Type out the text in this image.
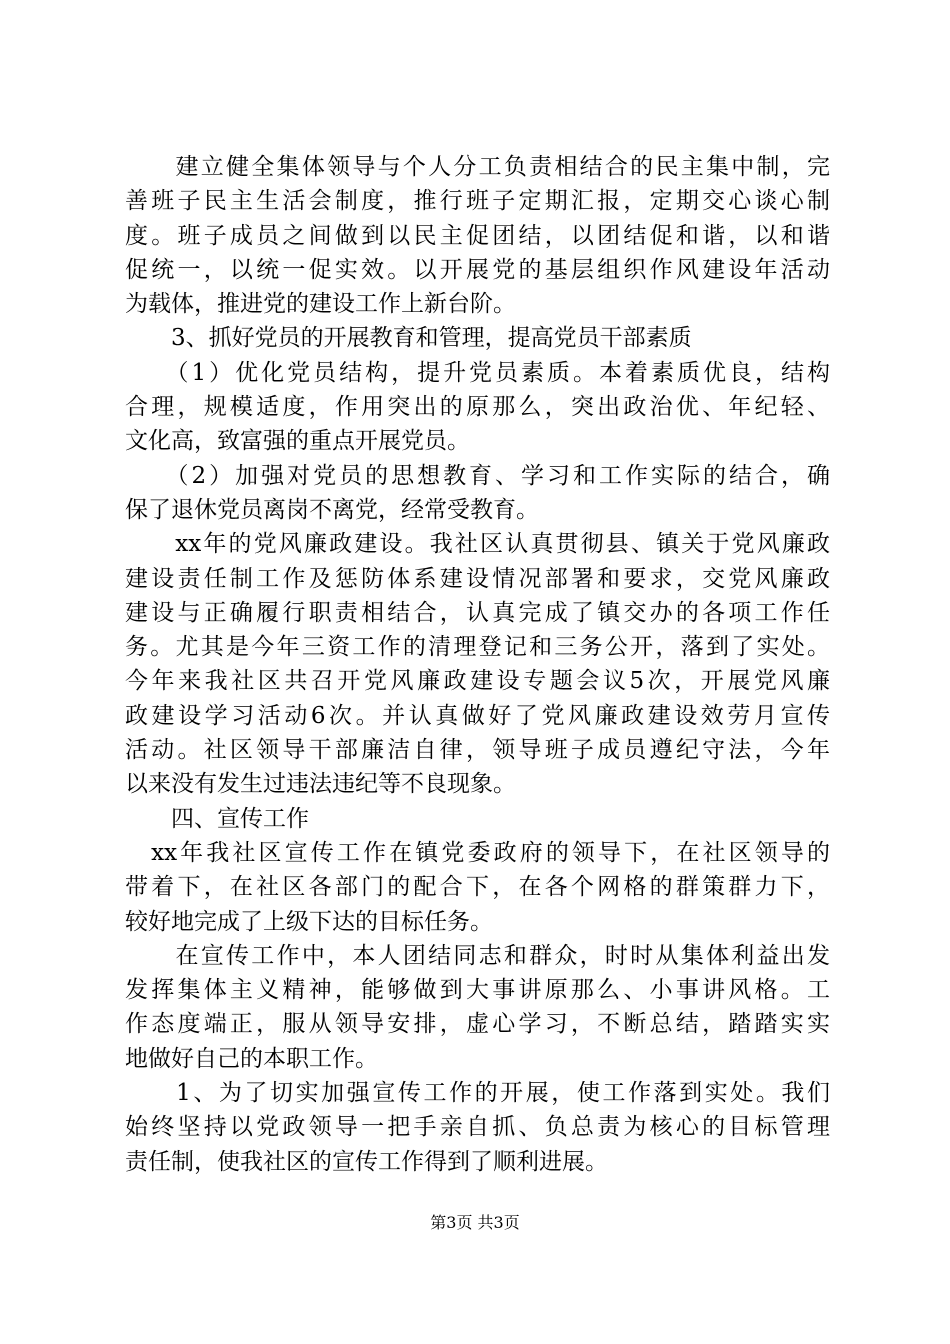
　　建立健全集体领导与个人分工负责相结合的民主集中制，完
善班子民主生活会制度，推行班子定期汇报，定期交心谈心制
度。班子成员之间做到以民主促团结，以团结促和谐，以和谐
促统一，以统一促实效。以开展党的基层组织作风建设年活动
为载体，推进党的建设工作上新台阶。
　　3、抓好党员的开展教育和管理，提高党员干部素质
　　（1）优化党员结构，提升党员素质。本着素质优良，结构
合理，规模适度，作用突出的原那么，突出政治优、年纪轻、
文化高，致富强的重点开展党员。
　　（2）加强对党员的思想教育、学习和工作实际的结合，确
保了退休党员离岗不离党，经常受教育。
　　xx年的党风廉政建设。我社区认真贯彻县、镇关于党风廉政
建设责任制工作及惩防体系建设情况部署和要求，交党风廉政
建设与正确履行职责相结合，认真完成了镇交办的各项工作任
务。尤其是今年三资工作的清理登记和三务公开，落到了实处。
今年来我社区共召开党风廉政建设专题会议5次，开展党风廉
政建设学习活动6次。并认真做好了党风廉政建设效劳月宣传
活动。社区领导干部廉洁自律，领导班子成员遵纪守法，今年
以来没有发生过违法违纪等不良现象。
　　四、宣传工作
　xx年我社区宣传工作在镇党委政府的领导下，在社区领导的
带着下，在社区各部门的配合下，在各个网格的群策群力下，
较好地完成了上级下达的目标任务。
　　在宣传工作中，本人团结同志和群众，时时从集体利益出发
发挥集体主义精神，能够做到大事讲原那么、小事讲风格。工
作态度端正，服从领导安排，虚心学习，不断总结，踏踏实实
地做好自己的本职工作。
　　1、为了切实加强宣传工作的开展，使工作落到实处。我们
始终坚持以党政领导一把手亲自抓、负总责为核心的目标管理
责任制，使我社区的宣传工作得到了顺利进展。
第3页 共3页
